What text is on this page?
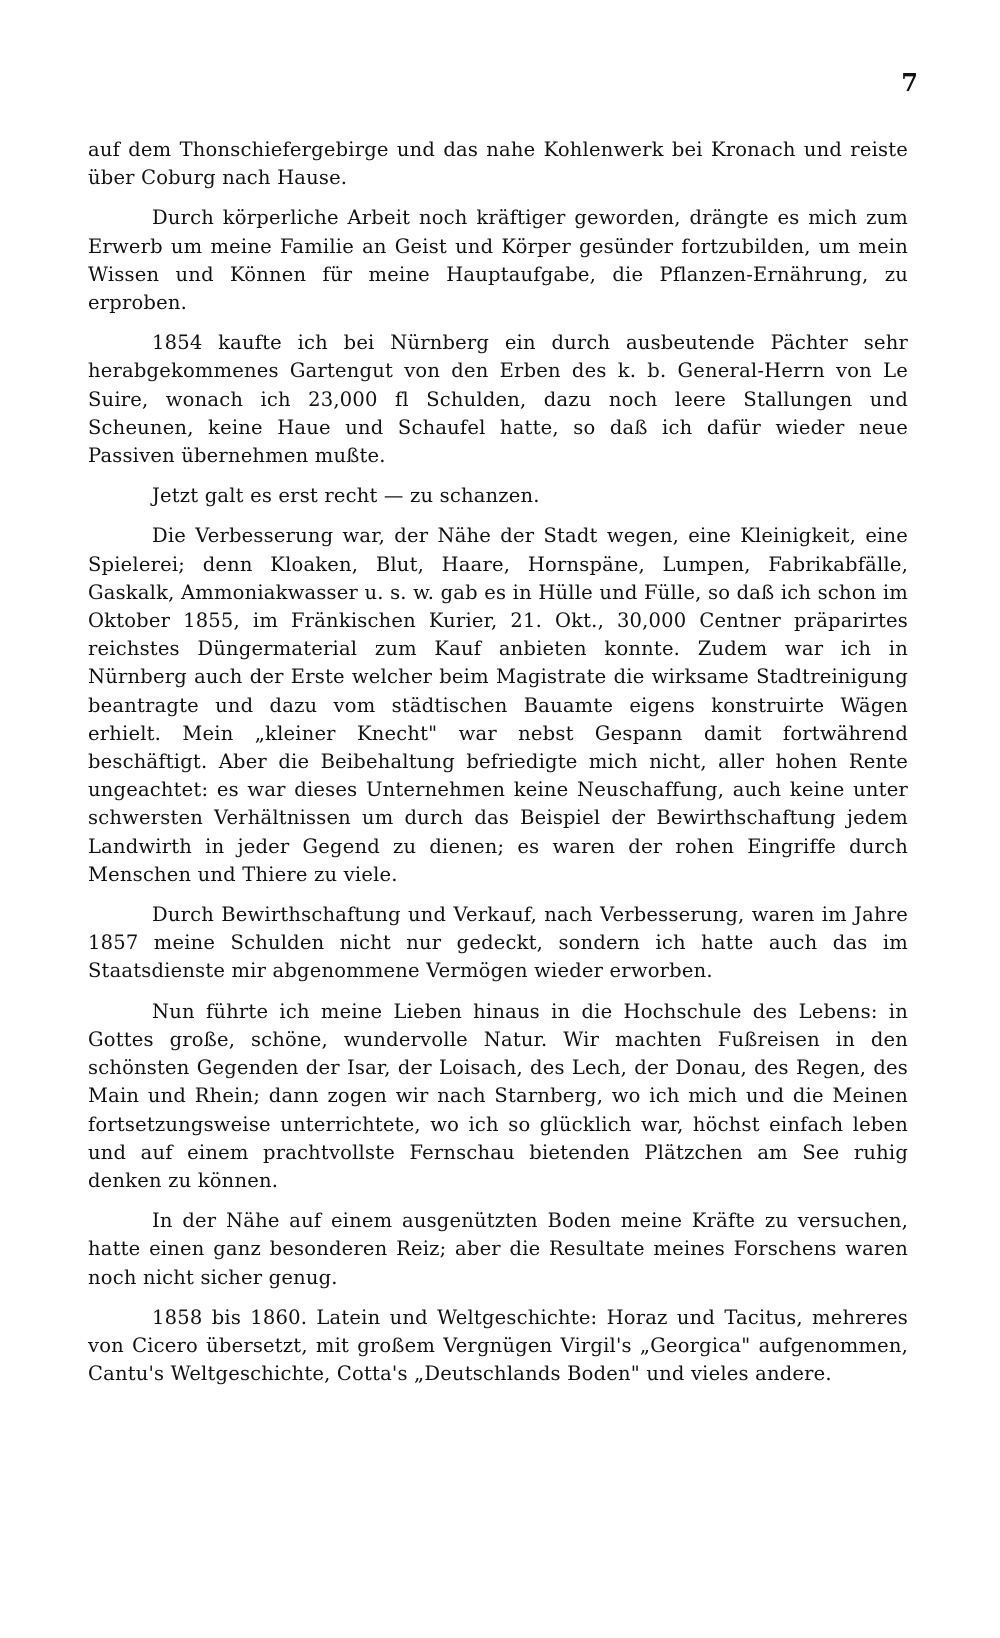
7

auf dem Thonschiefergebirge und das nahe Kohlenwerk bei Kronach und reiste über Coburg nach Hause.

Durch körperliche Arbeit noch kräftiger geworden, drängte es mich zum Erwerb um meine Familie an Geist und Körper gesünder fortzubilden, um mein Wissen und Können für meine Hauptaufgabe, die Pflanzen-Ernährung, zu erproben.

1854 kaufte ich bei Nürnberg ein durch ausbeutende Pächter sehr herabgekommenes Gartengut von den Erben des k. b. General-Herrn von Le Suire, wonach ich 23,000 fl Schulden, dazu noch leere Stallungen und Scheunen, keine Haue und Schaufel hatte, so daß ich dafür wieder neue Passiven übernehmen mußte.

Jetzt galt es erst recht — zu schanzen.

Die Verbesserung war, der Nähe der Stadt wegen, eine Kleinigkeit, eine Spielerei; denn Kloaken, Blut, Haare, Hornspäne, Lumpen, Fabrikabfälle, Gaskalk, Ammoniakwasser u. s. w. gab es in Hülle und Fülle, so daß ich schon im Oktober 1855, im Fränkischen Kurier, 21. Okt., 30,000 Centner präparirtes reichstes Düngermaterial zum Kauf anbieten konnte. Zudem war ich in Nürnberg auch der Erste welcher beim Magistrate die wirksame Stadtreinigung beantragte und dazu vom städtischen Bauamte eigens konstruirte Wägen erhielt. Mein „kleiner Knecht" war nebst Gespann damit fortwährend beschäftigt. Aber die Beibehaltung befriedigte mich nicht, aller hohen Rente ungeachtet: es war dieses Unternehmen keine Neuschaffung, auch keine unter schwersten Verhältnissen um durch das Beispiel der Bewirthschaftung jedem Landwirth in jeder Gegend zu dienen; es waren der rohen Eingriffe durch Menschen und Thiere zu viele.

Durch Bewirthschaftung und Verkauf, nach Verbesserung, waren im Jahre 1857 meine Schulden nicht nur gedeckt, sondern ich hatte auch das im Staatsdienste mir abgenommene Vermögen wieder erworben.

Nun führte ich meine Lieben hinaus in die Hochschule des Lebens: in Gottes große, schöne, wundervolle Natur. Wir machten Fußreisen in den schönsten Gegenden der Isar, der Loisach, des Lech, der Donau, des Regen, des Main und Rhein; dann zogen wir nach Starnberg, wo ich mich und die Meinen fortsetzungsweise unterrichtete, wo ich so glücklich war, höchst einfach leben und auf einem prachtvollste Fernschau bietenden Plätzchen am See ruhig denken zu können.

In der Nähe auf einem ausgenützten Boden meine Kräfte zu versuchen, hatte einen ganz besonderen Reiz; aber die Resultate meines Forschens waren noch nicht sicher genug.

1858 bis 1860. Latein und Weltgeschichte: Horaz und Tacitus, mehreres von Cicero übersetzt, mit großem Vergnügen Virgil's „Georgica" aufgenommen, Cantu's Weltgeschichte, Cotta's „Deutschlands Boden" und vieles andere.
